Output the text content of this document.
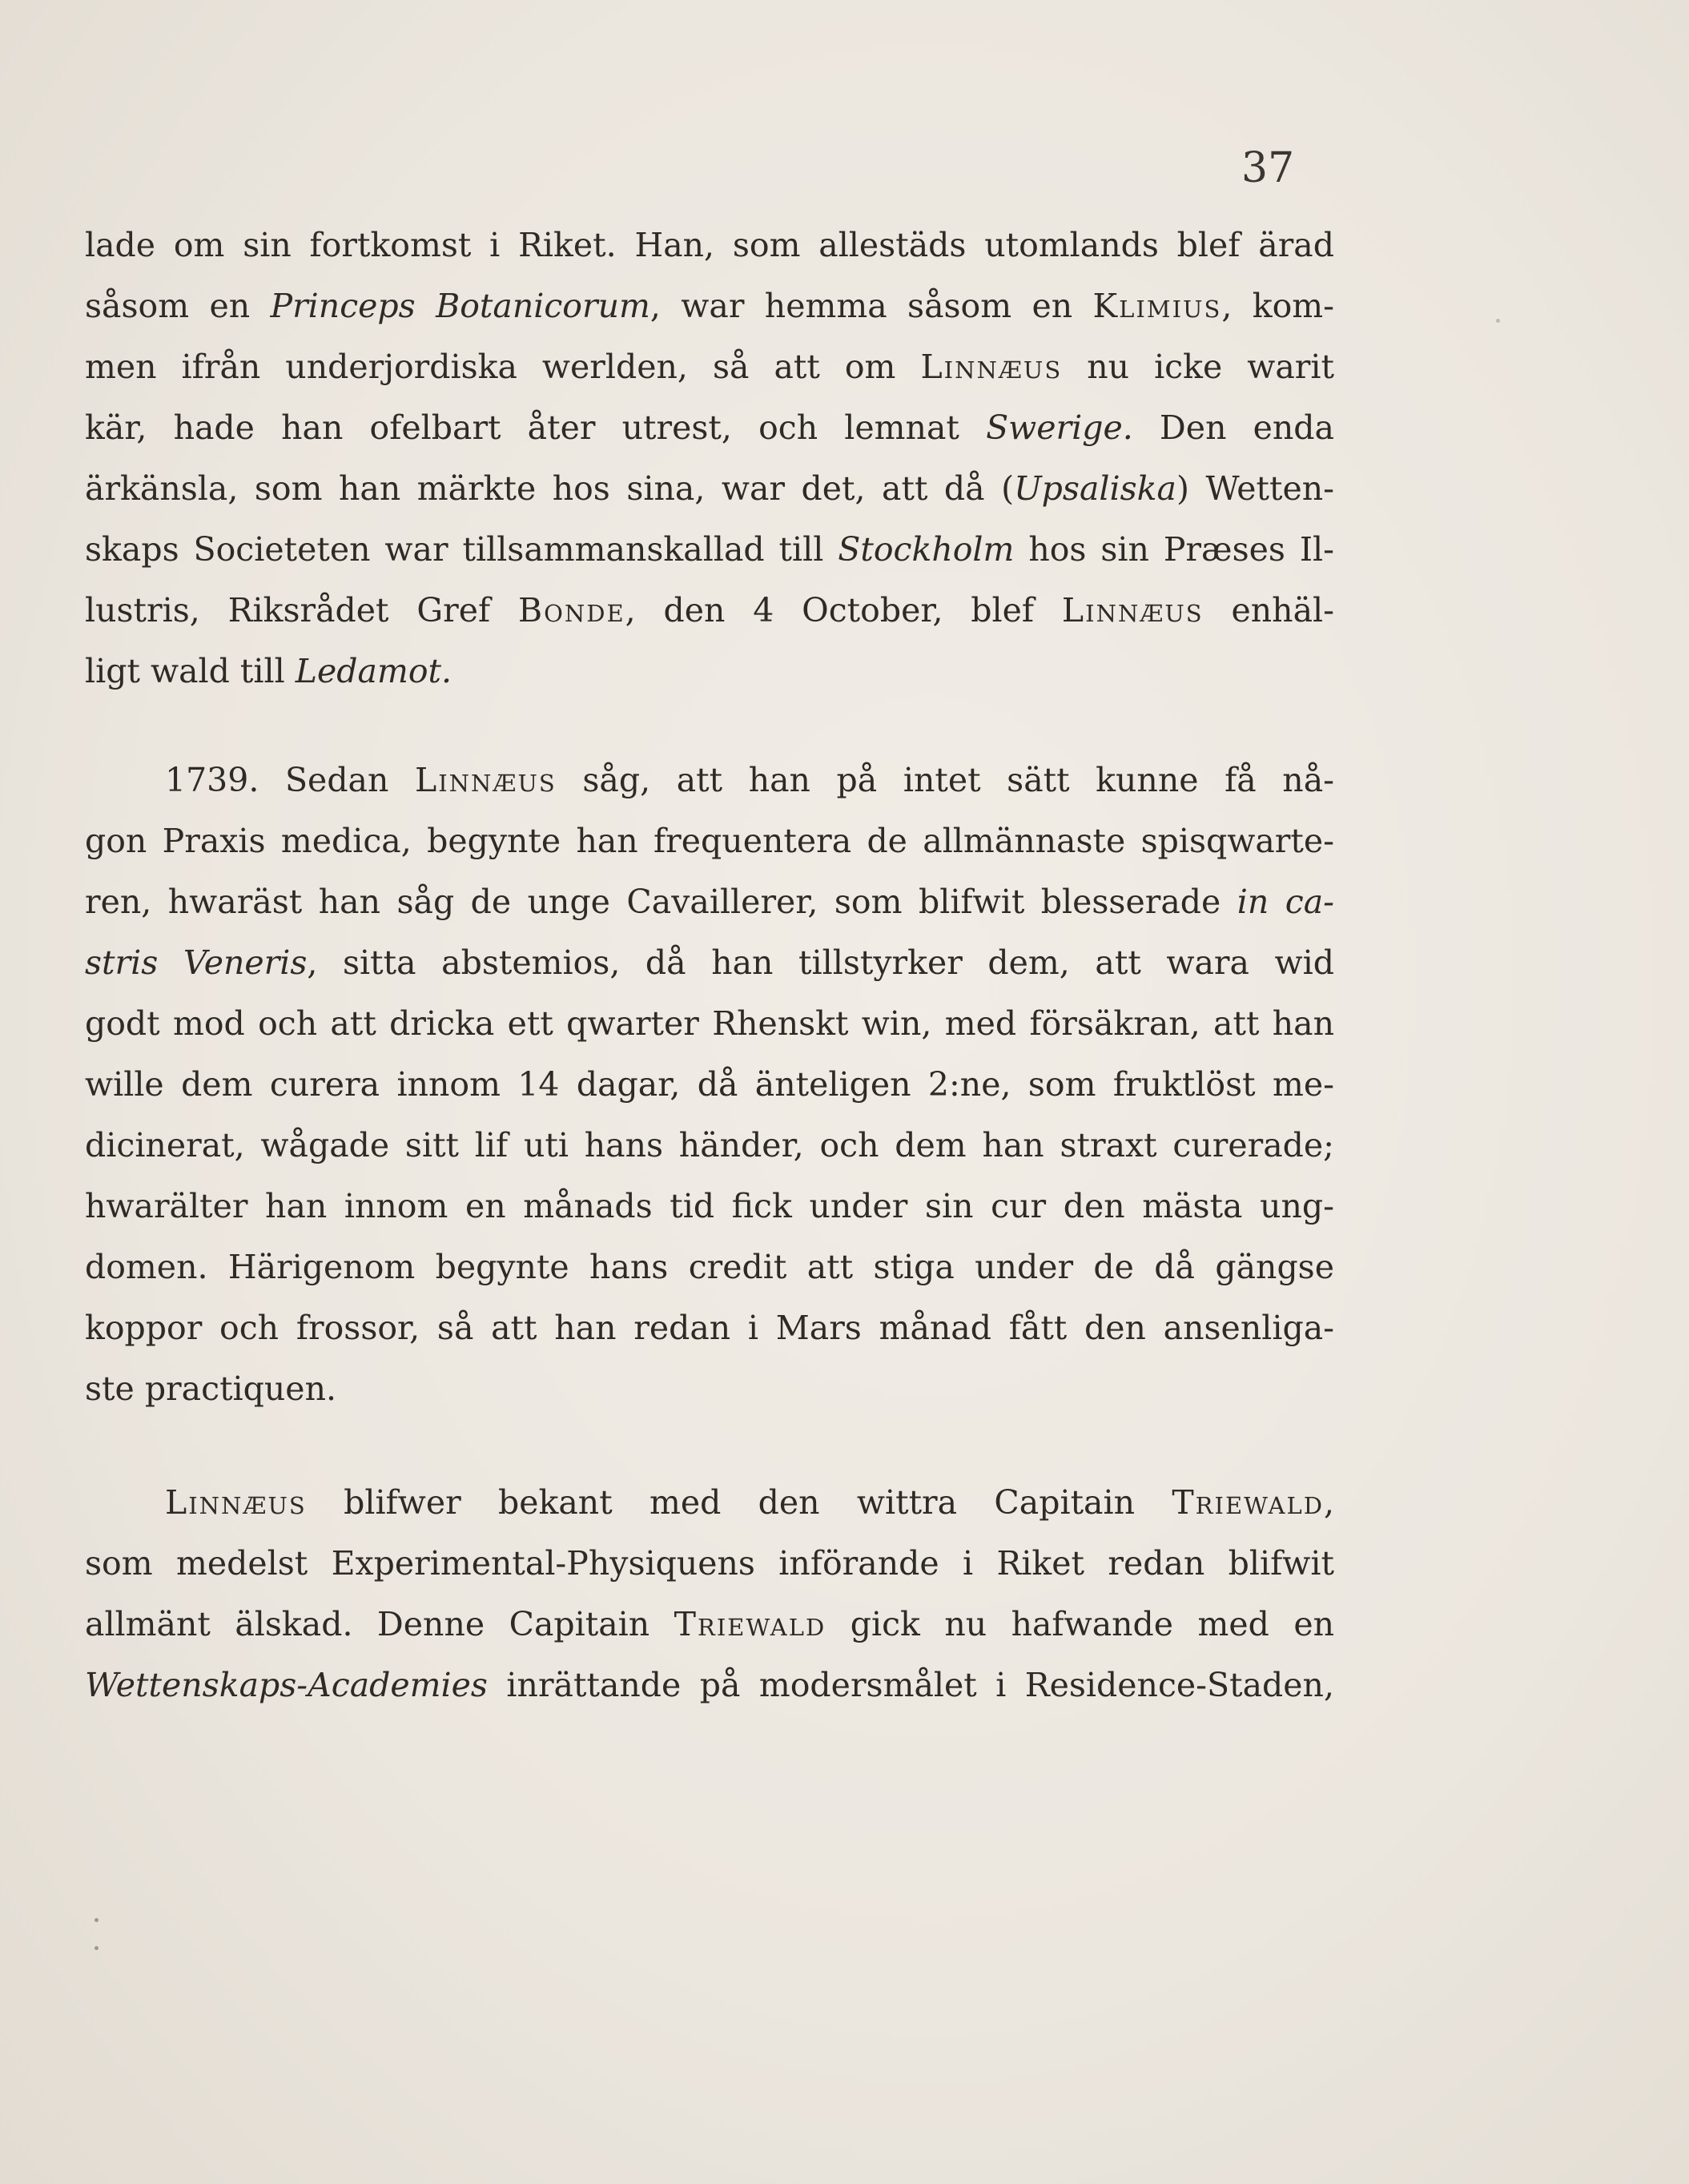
37
lade om sin fortkomst i Riket. Han, som allestäds utomlands blef ärad
såsom en Princeps Botanicorum, war hemma såsom en Klimius, kom-
men ifrån underjordiska werlden, så att om Linnæus nu icke warit
kär, hade han ofelbart åter utrest, och lemnat Swerige. Den enda
ärkänsla, som han märkte hos sina, war det, att då (Upsaliska) Wetten-
skaps Societeten war tillsammanskallad till Stockholm hos sin Præses Il-
lustris, Riksrådet Gref Bonde, den 4 October, blef Linnæus enhäl-
ligt wald till Ledamot.
1739. Sedan Linnæus såg, att han på intet sätt kunne få nå-
gon Praxis medica, begynte han frequentera de allmännaste spisqwarte-
ren, hwaräst han såg de unge Cavaillerer, som blifwit blesserade in ca-
stris Veneris, sitta abstemios, då han tillstyrker dem, att wara wid
godt mod och att dricka ett qwarter Rhenskt win, med försäkran, att han
wille dem curera innom 14 dagar, då änteligen 2:ne, som fruktlöst me-
dicinerat, wågade sitt lif uti hans händer, och dem han straxt curerade;
hwarälter han innom en månads tid fick under sin cur den mästa ung-
domen. Härigenom begynte hans credit att stiga under de då gängse
koppor och frossor, så att han redan i Mars månad fått den ansenliga-
ste practiquen.
Linnæus blifwer bekant med den wittra Capitain Triewald,
som medelst Experimental-Physiquens införande i Riket redan blifwit
allmänt älskad. Denne Capitain Triewald gick nu hafwande med en
Wettenskaps-Academies inrättande på modersmålet i Residence-Staden,
